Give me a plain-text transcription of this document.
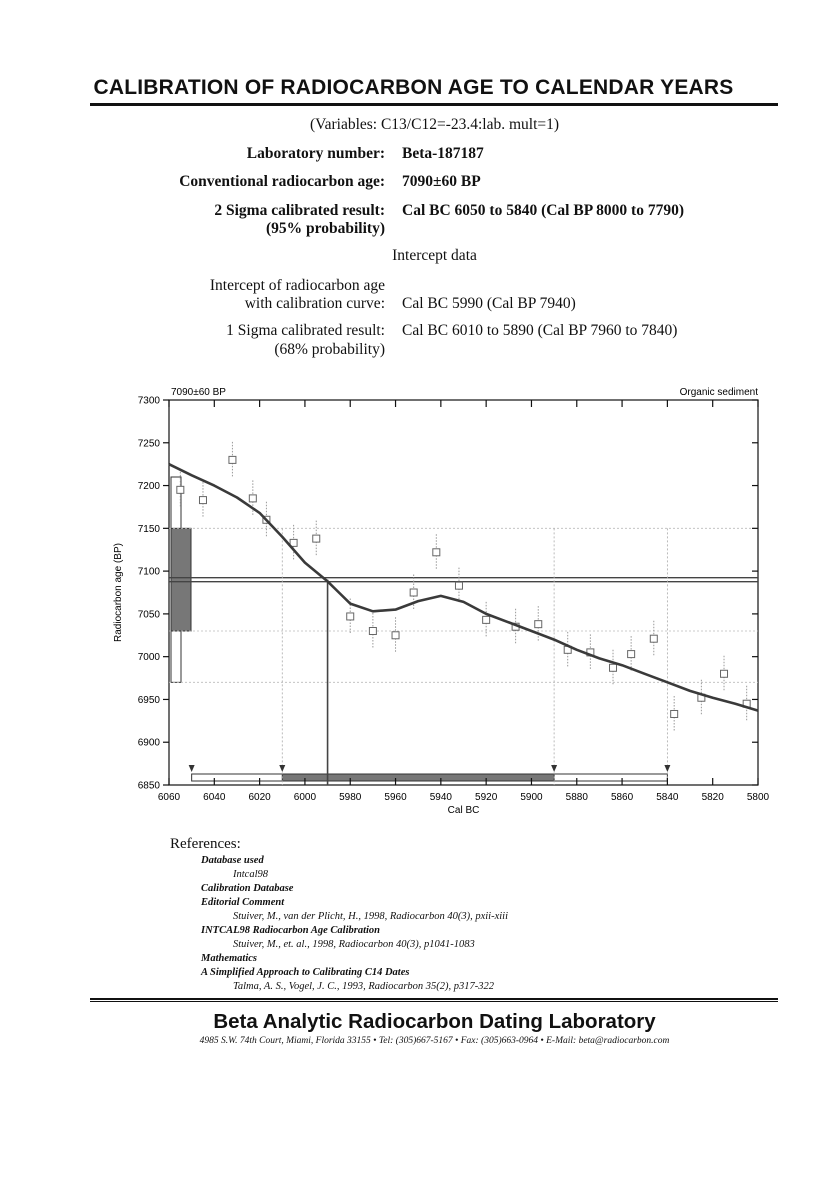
CALIBRATION OF RADIOCARBON AGE TO CALENDAR YEARS
(Variables: C13/C12=-23.4:lab. mult=1)
Laboratory number: Beta-187187
Conventional radiocarbon age: 7090±60 BP
2 Sigma calibrated result:
(95% probability)
Cal BC 6050 to 5840 (Cal BP 8000 to 7790)
Intercept data
Intercept of radiocarbon age
with calibration curve: Cal BC 5990 (Cal BP 7940)
1 Sigma calibrated result:
(68% probability)
Cal BC 6010 to 5890 (Cal BP 7960 to 7840)
6060 6040 6020 6000 5980 5960 5940 5920 5900 5880 5860 5840 5820 5800
6850
6900
6950
7000
7050
7100
7150
7200
7250
7300
7090±60 BP	Organic sediment
Cal BC
Radiocarbon age (BP)
References:
Database used
Intcal98
Calibration Database
Editorial Comment
Stuiver, M., van der Plicht, H., 1998, Radiocarbon 40(3), pxii-xiii
INTCAL98 Radiocarbon Age Calibration
Stuiver, M., et. al., 1998, Radiocarbon 40(3), p1041-1083
Mathematics
A Simplified Approach to Calibrating C14 Dates
Talma, A. S., Vogel, J. C., 1993, Radiocarbon 35(2), p317-322
Beta Analytic Radiocarbon Dating Laboratory
4985 S.W. 74th Court, Miami, Florida 33155 • Tel: (305)667-5167 • Fax: (305)663-0964 • E-Mail: beta@radiocarbon.com
